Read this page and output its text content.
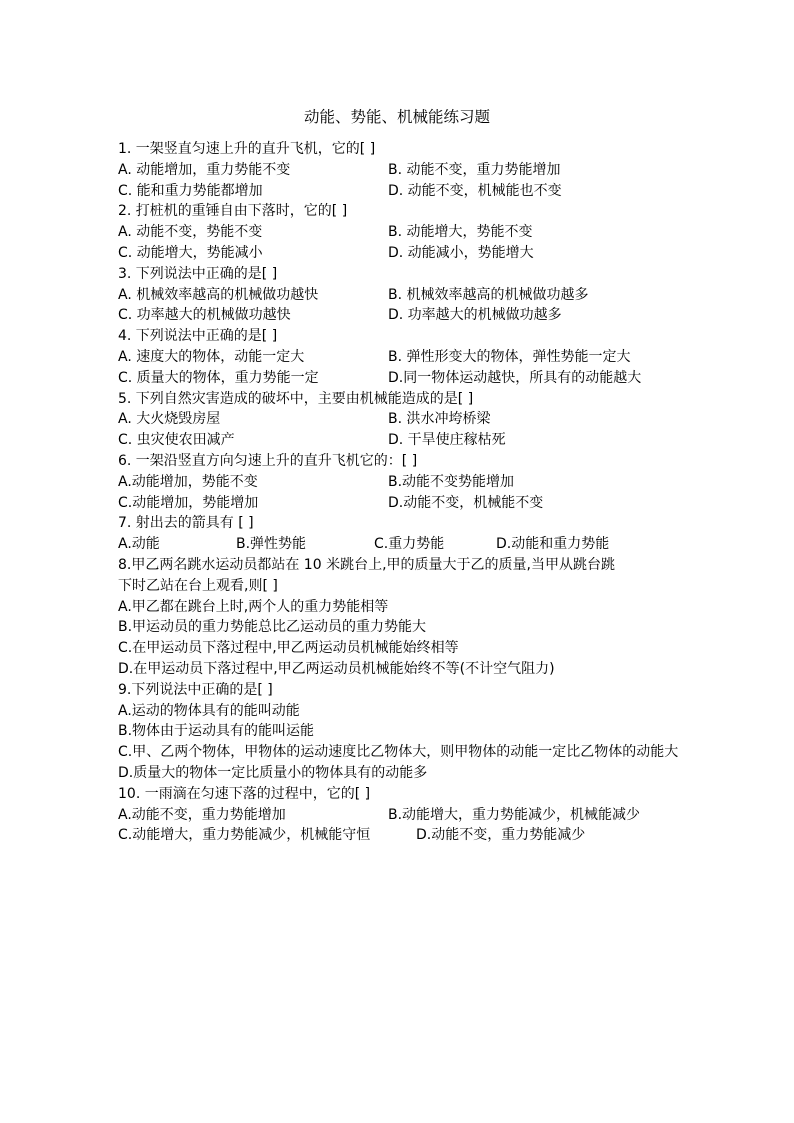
动能、势能、机械能练习题
1. 一架竖直匀速上升的直升飞机，它的[ ]
A. 动能增加，重力势能不变	B. 动能不变，重力势能增加
C. 能和重力势能都增加	D. 动能不变，机械能也不变
2. 打桩机的重锤自由下落时，它的[ ]
A. 动能不变，势能不变	B. 动能增大，势能不变
C. 动能增大，势能减小	D. 动能减小，势能增大
3. 下列说法中正确的是[ ]
A. 机械效率越高的机械做功越快	B. 机械效率越高的机械做功越多
C. 功率越大的机械做功越快	D. 功率越大的机械做功越多
4. 下列说法中正确的是[ ]
A. 速度大的物体，动能一定大	B. 弹性形变大的物体，弹性势能一定大
C. 质量大的物体，重力势能一定	D.同一物体运动越快，所具有的动能越大
5. 下列自然灾害造成的破坏中，主要由机械能造成的是[ ]
A. 大火烧毁房屋	B. 洪水冲垮桥梁
C. 虫灾使农田减产	D. 干旱使庄稼枯死
6. 一架沿竖直方向匀速上升的直升飞机它的：[ ]
A.动能增加，势能不变	B.动能不变势能增加
C.动能增加，势能增加	D.动能不变，机械能不变
7. 射出去的箭具有 [ ]
A.动能	B.弹性势能	C.重力势能	D.动能和重力势能
8.甲乙两名跳水运动员都站在 10 米跳台上,甲的质量大于乙的质量,当甲从跳台跳
下时乙站在台上观看,则[ ]
A.甲乙都在跳台上时,两个人的重力势能相等
B.甲运动员的重力势能总比乙运动员的重力势能大
C.在甲运动员下落过程中,甲乙两运动员机械能始终相等
D.在甲运动员下落过程中,甲乙两运动员机械能始终不等(不计空气阻力)
9.下列说法中正确的是[ ]
A.运动的物体具有的能叫动能
B.物体由于运动具有的能叫运能
C.甲、乙两个物体，甲物体的运动速度比乙物体大，则甲物体的动能一定比乙物体的动能大
D.质量大的物体一定比质量小的物体具有的动能多
10. 一雨滴在匀速下落的过程中，它的[ ]
A.动能不变，重力势能增加	B.动能增大，重力势能减少，机械能减少
C.动能增大，重力势能减少，机械能守恒	D.动能不变，重力势能减少
